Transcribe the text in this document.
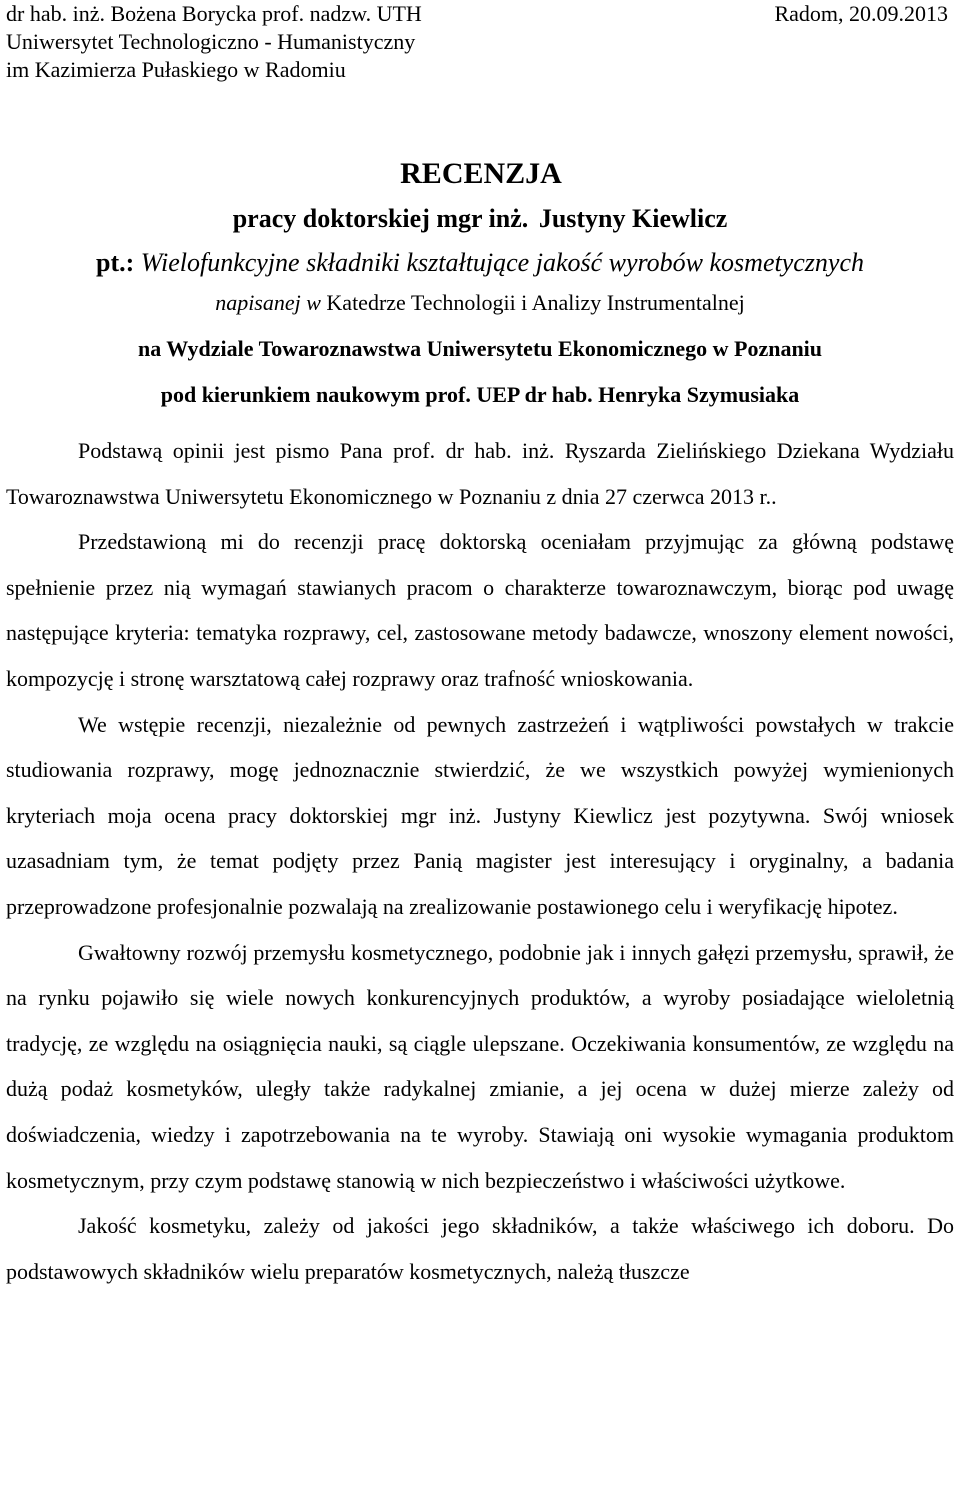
dr hab. inż. Bożena Borycka prof. nadzw. UTH
Uniwersytet Technologiczno - Humanistyczny
im Kazimierza Pułaskiego w Radomiu
Radom, 20.09.2013
RECENZJA
pracy doktorskiej mgr inż. Justyny Kiewlicz
pt.: Wielofunkcyjne składniki kształtujące jakość wyrobów kosmetycznych
napisanej w Katedrze Technologii i Analizy Instrumentalnej
na Wydziale Towaroznawstwa Uniwersytetu Ekonomicznego w Poznaniu
pod kierunkiem naukowym prof. UEP dr hab. Henryka Szymusiaka

Podstawą opinii jest pismo Pana prof. dr hab. inż. Ryszarda Zielińskiego Dziekana Wydziału Towaroznawstwa Uniwersytetu Ekonomicznego w Poznaniu z dnia 27 czerwca 2013 r..

Przedstawioną mi do recenzji pracę doktorską oceniałam przyjmując za główną podstawę spełnienie przez nią wymagań stawianych pracom o charakterze towaroznawczym, biorąc pod uwagę następujące kryteria: tematyka rozprawy, cel, zastosowane metody badawcze, wnoszony element nowości, kompozycję i stronę warsztatową całej rozprawy oraz trafność wnioskowania.

We wstępie recenzji, niezależnie od pewnych zastrzeżeń i wątpliwości powstałych w trakcie studiowania rozprawy, mogę jednoznacznie stwierdzić, że we wszystkich powyżej wymienionych kryteriach moja ocena pracy doktorskiej mgr inż. Justyny Kiewlicz jest pozytywna. Swój wniosek uzasadniam tym, że temat podjęty przez Panią magister jest interesujący i oryginalny, a badania przeprowadzone profesjonalnie pozwalają na zrealizowanie postawionego celu i weryfikację hipotez.

Gwałtowny rozwój przemysłu kosmetycznego, podobnie jak i innych gałęzi przemysłu, sprawił, że na rynku pojawiło się wiele nowych konkurencyjnych produktów, a wyroby posiadające wieloletnią tradycję, ze względu na osiągnięcia nauki, są ciągle ulepszane. Oczekiwania konsumentów, ze względu na dużą podaż kosmetyków, uległy także radykalnej zmianie, a jej ocena w dużej mierze zależy od doświadczenia, wiedzy i zapotrzebowania na te wyroby. Stawiają oni wysokie wymagania produktom kosmetycznym, przy czym podstawę stanowią w nich bezpieczeństwo i właściwości użytkowe.

Jakość kosmetyku, zależy od jakości jego składników, a także właściwego ich doboru. Do podstawowych składników wielu preparatów kosmetycznych, należą tłuszcze
